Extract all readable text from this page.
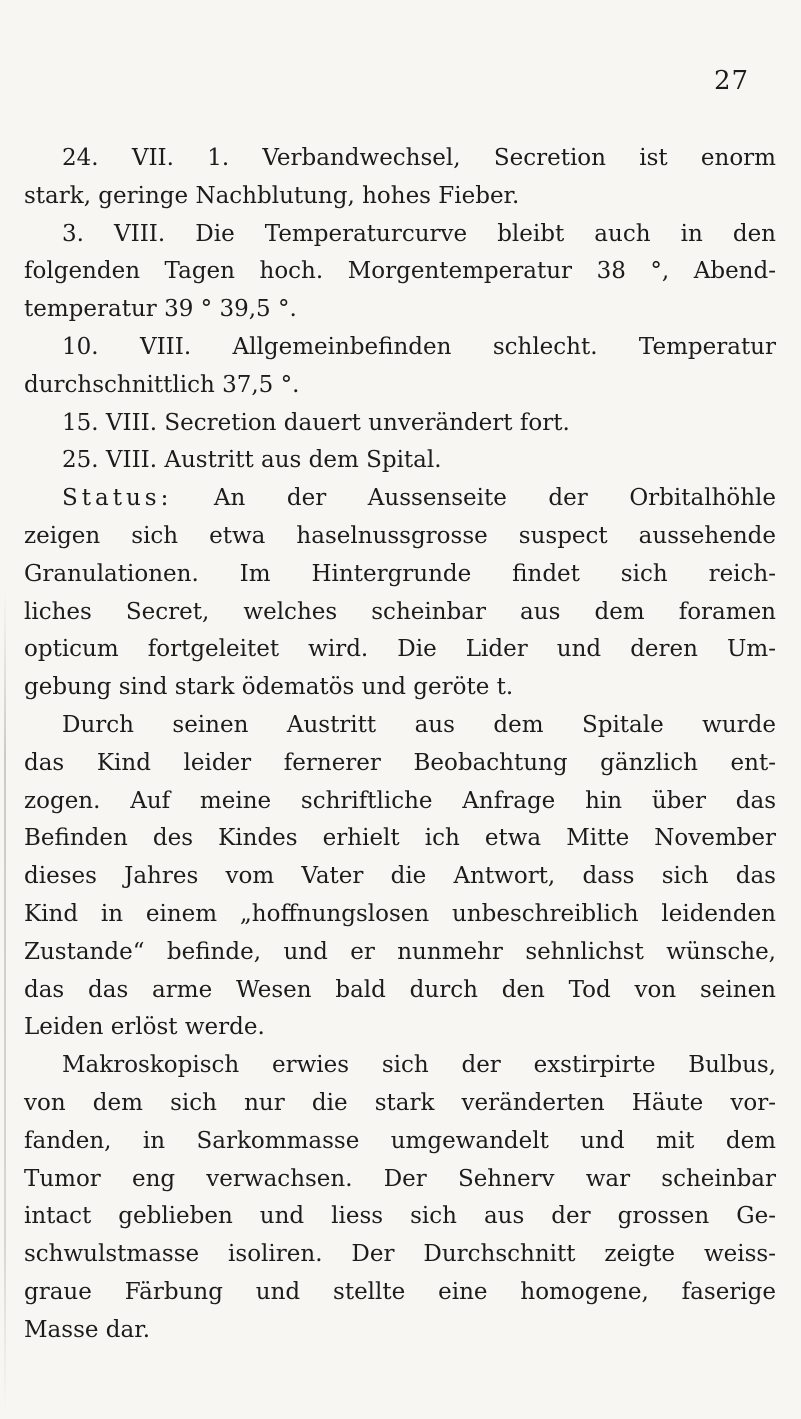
27
24. VII. 1. Verbandwechsel, Secretion ist enorm
stark, geringe Nachblutung, hohes Fieber.
3. VIII. Die Temperaturcurve bleibt auch in den
folgenden Tagen hoch. Morgentemperatur 38 °, Abend-
temperatur 39 ° 39,5 °.
10. VIII. Allgemeinbefinden schlecht. Temperatur
durchschnittlich 37,5 °.
15. VIII. Secretion dauert unverändert fort.
25. VIII. Austritt aus dem Spital.
Status: An der Aussenseite der Orbitalhöhle
zeigen sich etwa haselnussgrosse suspect aussehende
Granulationen. Im Hintergrunde findet sich reich-
liches Secret, welches scheinbar aus dem foramen
opticum fortgeleitet wird. Die Lider und deren Um-
gebung sind stark ödematös und geröte t.
Durch seinen Austritt aus dem Spitale wurde
das Kind leider fernerer Beobachtung gänzlich ent-
zogen. Auf meine schriftliche Anfrage hin über das
Befinden des Kindes erhielt ich etwa Mitte November
dieses Jahres vom Vater die Antwort, dass sich das
Kind in einem „hoffnungslosen unbeschreiblich leidenden
Zustande“ befinde, und er nunmehr sehnlichst wünsche,
das das arme Wesen bald durch den Tod von seinen
Leiden erlöst werde.
Makroskopisch erwies sich der exstirpirte Bulbus,
von dem sich nur die stark veränderten Häute vor-
fanden, in Sarkommasse umgewandelt und mit dem
Tumor eng verwachsen. Der Sehnerv war scheinbar
intact geblieben und liess sich aus der grossen Ge-
schwulstmasse isoliren. Der Durchschnitt zeigte weiss-
graue Färbung und stellte eine homogene, faserige
Masse dar.
